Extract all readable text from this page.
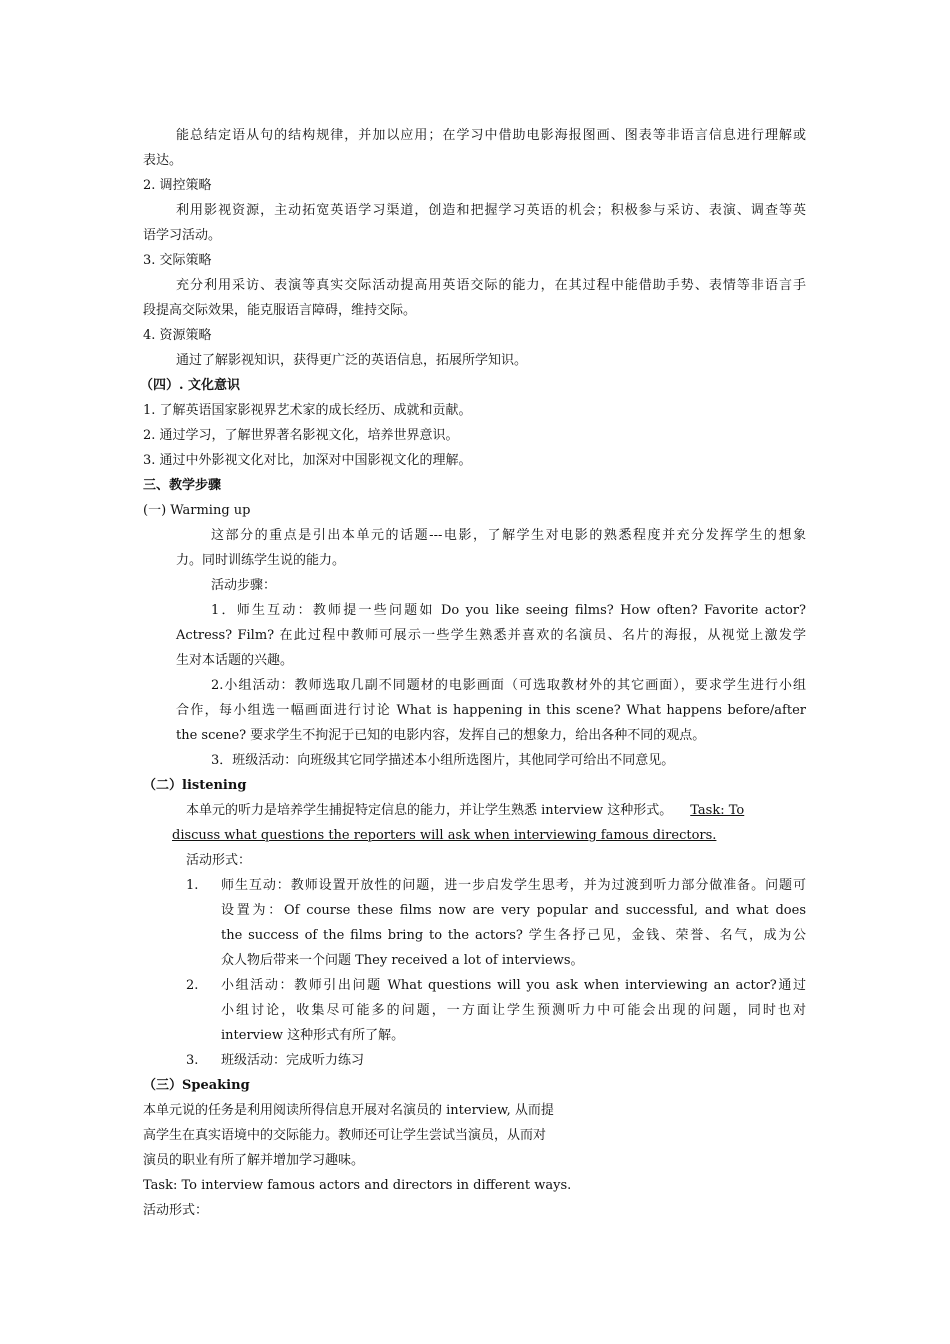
能总结定语从句的结构规律，并加以应用；在学习中借助电影海报图画、图表等非语言信息进行理解或
表达。
2. 调控策略
利用影视资源，主动拓宽英语学习渠道，创造和把握学习英语的机会；积极参与采访、表演、调查等英
语学习活动。
3. 交际策略
充分利用采访、表演等真实交际活动提高用英语交际的能力，在其过程中能借助手势、表情等非语言手
段提高交际效果，能克服语言障碍，维持交际。
4. 资源策略
通过了解影视知识，获得更广泛的英语信息，拓展所学知识。
（四）. 文化意识
1. 了解英语国家影视界艺术家的成长经历、成就和贡献。
2. 通过学习，了解世界著名影视文化，培养世界意识。
3. 通过中外影视文化对比，加深对中国影视文化的理解。
三、教学步骤
(一) Warming up
这部分的重点是引出本单元的话题---电影，了解学生对电影的熟悉程度并充分发挥学生的想象
力。同时训练学生说的能力。
活动步骤：
1．师生互动：教师提一些问题如 Do you like seeing films? How often? Favorite actor?
Actress? Film? 在此过程中教师可展示一些学生熟悉并喜欢的名演员、名片的海报，从视觉上激发学
生对本话题的兴趣。
2.小组活动：教师选取几副不同题材的电影画面（可选取教材外的其它画面），要求学生进行小组
合作，每小组选一幅画面进行讨论 What is happening in this scene? What happens before/after
the scene? 要求学生不拘泥于已知的电影内容，发挥自己的想象力，给出各种不同的观点。
3．班级活动：向班级其它同学描述本小组所选图片，其他同学可给出不同意见。
（二）listening
本单元的听力是培养学生捕捉特定信息的能力，并让学生熟悉 interview 这种形式。 Task: To
discuss what questions the reporters will ask when interviewing famous directors.
活动形式：
1. 师生互动：教师设置开放性的问题，进一步启发学生思考，并为过渡到听力部分做准备。问题可
设置为：Of course these films now are very popular and successful, and what does
the success of the films bring to the actors? 学生各抒己见，金钱、荣誉、名气，成为公
众人物后带来一个问题 They received a lot of interviews。
2. 小组活动：教师引出问题 What questions will you ask when interviewing an actor?通过
小组讨论，收集尽可能多的问题，一方面让学生预测听力中可能会出现的问题，同时也对
interview 这种形式有所了解。
3. 班级活动：完成听力练习
（三）Speaking
本单元说的任务是利用阅读所得信息开展对名演员的 interview, 从而提
高学生在真实语境中的交际能力。教师还可让学生尝试当演员，从而对
演员的职业有所了解并增加学习趣味。
Task: To interview famous actors and directors in different ways.
活动形式：
